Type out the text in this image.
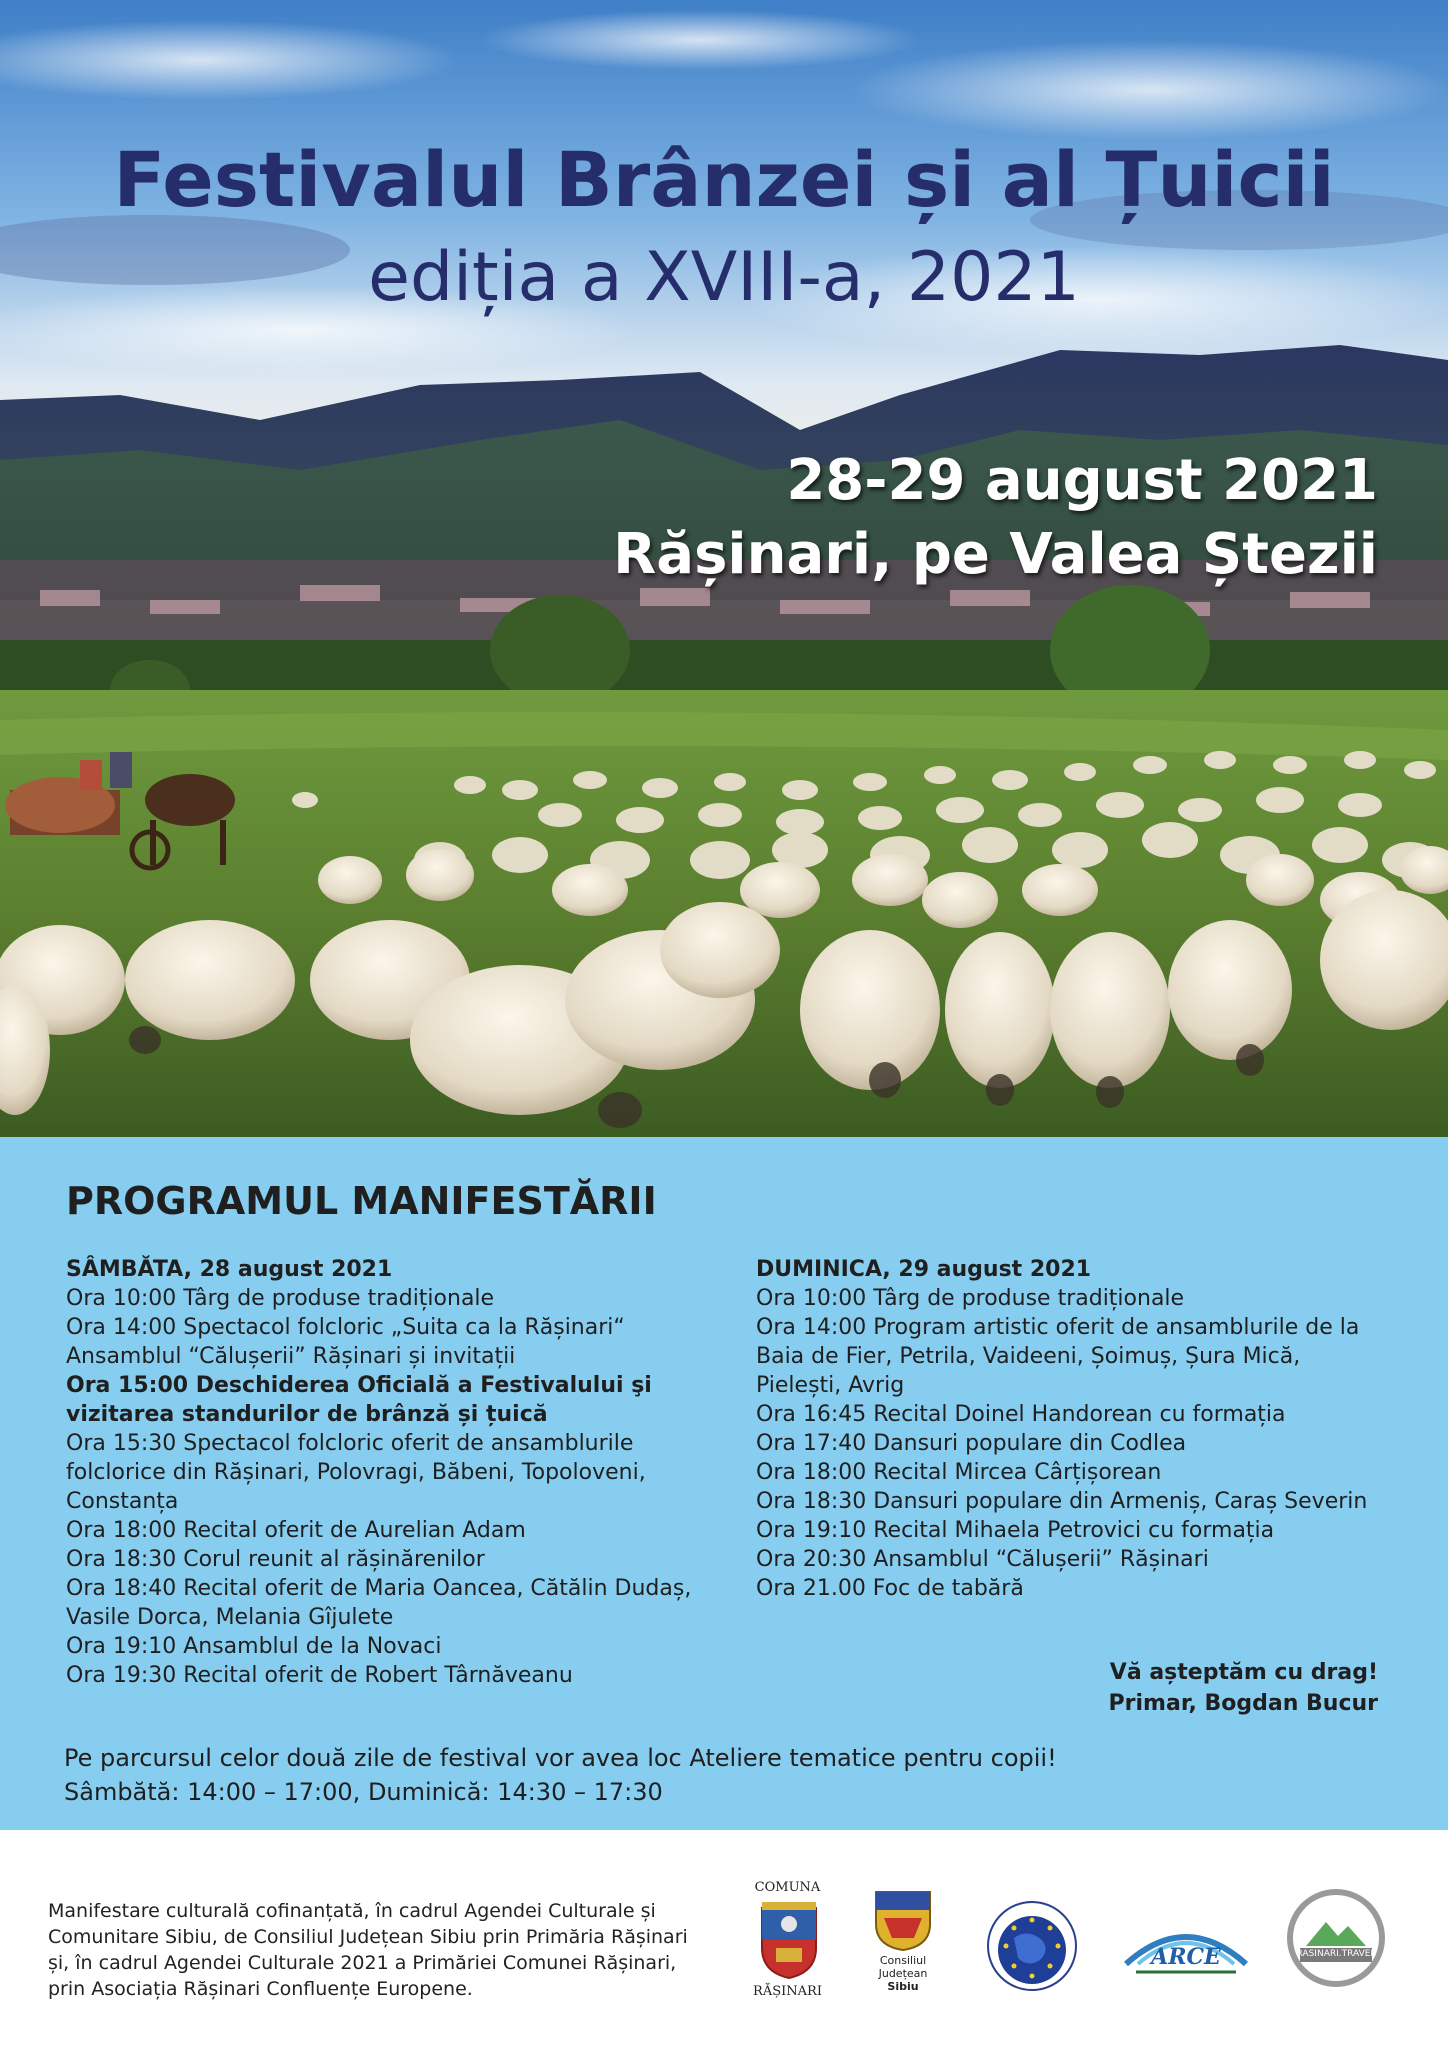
Festivalul Brânzei și al Țuicii
ediția a XVIII-a, 2021
28-29 august 2021
Rășinari, pe Valea Ștezii
PROGRAMUL MANIFESTĂRII
SÂMBĂTA, 28 august 2021
Ora 10:00 Târg de produse tradiționale
Ora 14:00 Spectacol folcloric „Suita ca la Rășinari“
Ansamblul “Călușerii” Rășinari și invitații
Ora 15:00 Deschiderea Oficială a Festivalului şi
vizitarea standurilor de brânză și țuică
Ora 15:30 Spectacol folcloric oferit de ansamblurile
folclorice din Rășinari, Polovragi, Băbeni, Topoloveni,
Constanța
Ora 18:00 Recital oferit de Aurelian Adam
Ora 18:30 Corul reunit al rășinărenilor
Ora 18:40 Recital oferit de Maria Oancea, Cătălin Dudaș,
Vasile Dorca, Melania Gîjulete
Ora 19:10 Ansamblul de la Novaci
Ora 19:30 Recital oferit de Robert Târnăveanu
DUMINICA, 29 august 2021
Ora 10:00 Târg de produse tradiționale
Ora 14:00 Program artistic oferit de ansamblurile de la
Baia de Fier, Petrila, Vaideeni, Șoimuș, Șura Mică,
Pielești, Avrig
Ora 16:45 Recital Doinel Handorean cu formația
Ora 17:40 Dansuri populare din Codlea
Ora 18:00 Recital Mircea Cârțișorean
Ora 18:30 Dansuri populare din Armeniș, Caraș Severin
Ora 19:10 Recital Mihaela Petrovici cu formația
Ora 20:30 Ansamblul “Călușerii” Rășinari
Ora 21.00 Foc de tabără
Vă așteptăm cu drag!
Primar, Bogdan Bucur
Pe parcursul celor două zile de festival vor avea loc Ateliere tematice pentru copii!
Sâmbătă: 14:00 – 17:00, Duminică: 14:30 – 17:30
Manifestare culturală cofinanțată, în cadrul Agendei Culturale și
Comunitare Sibiu, de Consiliul Județean Sibiu prin Primăria Rășinari
și, în cadrul Agendei Culturale 2021 a Primăriei Comunei Rășinari,
prin Asociația Rășinari Confluențe Europene.
COMUNA
RĂȘINARI
Consiliul
Județean
Sibiu
ARCE	RASINARI.TRAVEL
